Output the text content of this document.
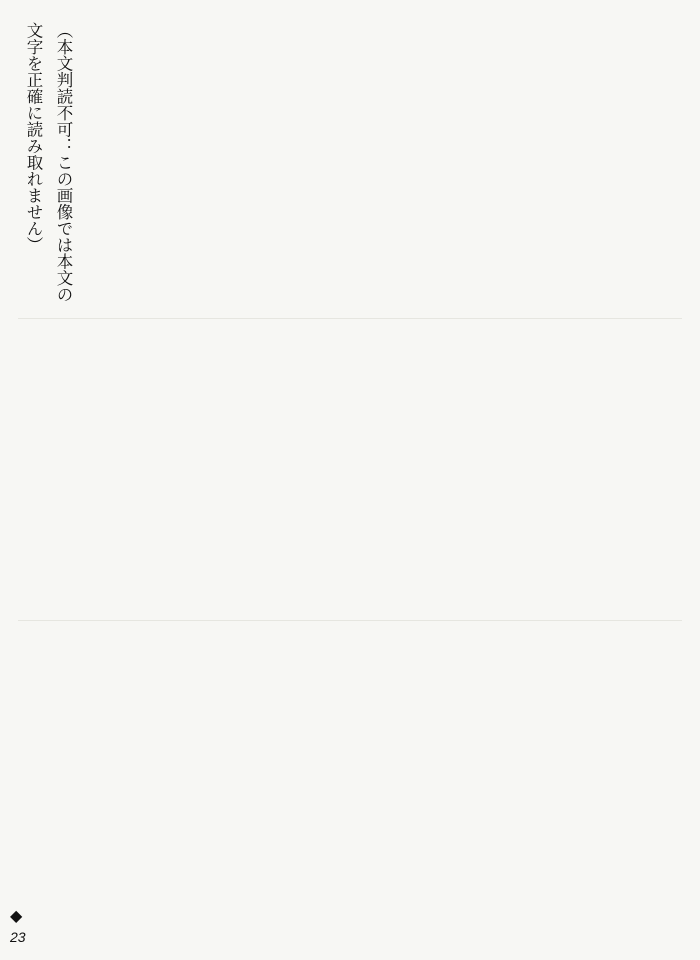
（本文判読不可：この画像では本文の文字を正確に読み取れません）
◆
23
